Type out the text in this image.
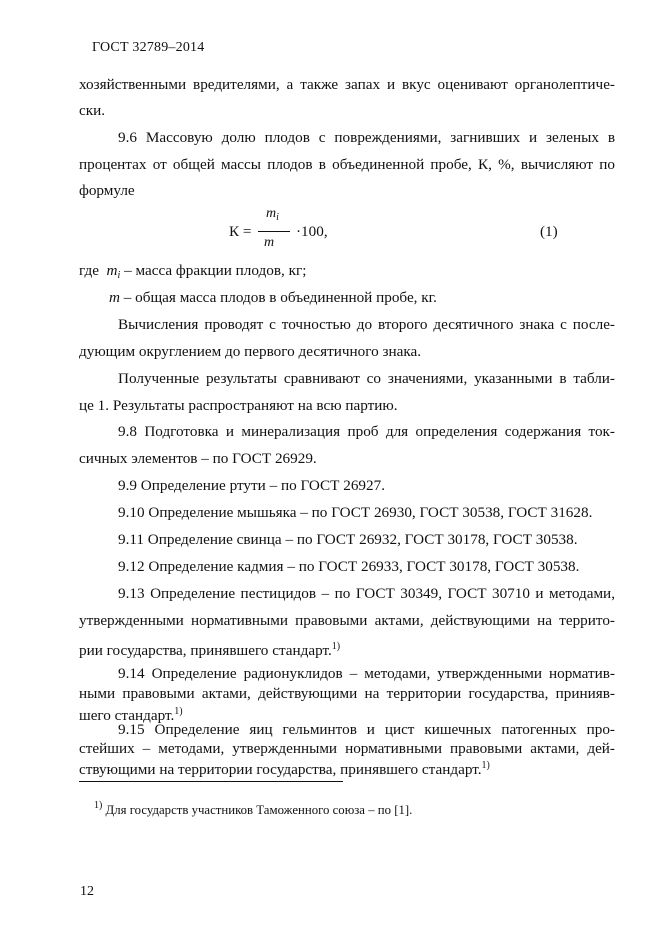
ГОСТ 32789–2014
хозяйственными вредителями, а также запах и вкус оценивают органолептиче-
ски.
9.6 Массовую долю плодов с повреждениями, загнивших и зеленых в
процентах от общей массы плодов в объединенной пробе, К, %, вычисляют по
формуле
К =
$m_i$
m
·100,	(1)
где $m_i$ – масса фракции плодов, кг;
m – общая масса плодов в объединенной пробе, кг.
Вычисления проводят с точностью до второго десятичного знака с после-
дующим округлением до первого десятичного знака.
Полученные результаты сравнивают со значениями, указанными в табли-
це 1. Результаты распространяют на всю партию.
9.8 Подготовка и минерализация проб для определения содержания ток-
сичных элементов – по ГОСТ 26929.
9.9 Определение ртути – по ГОСТ 26927.
9.10 Определение мышьяка – по ГОСТ 26930, ГОСТ 30538, ГОСТ 31628.
9.11 Определение свинца – по ГОСТ 26932, ГОСТ 30178, ГОСТ 30538.
9.12 Определение кадмия – по ГОСТ 26933, ГОСТ 30178, ГОСТ 30538.
9.13 Определение пестицидов – по ГОСТ 30349, ГОСТ 30710 и методами,
утвержденными нормативными правовыми актами, действующими на террито-
рии государства, принявшего стандарт.$^{1)}$
9.14 Определение радионуклидов – методами, утвержденными норматив-
ными правовыми актами, действующими на территории государства, принияв-
шего стандарт.$^{1)}$
9.15 Определение яиц гельминтов и цист кишечных патогенных про-
стейших – методами, утвержденными нормативными правовыми актами, дей-
ствующими на территории государства, принявшего стандарт.$^{1)}$
$^{1)}$ Для государств участников Таможенного союза – по [1].
12
